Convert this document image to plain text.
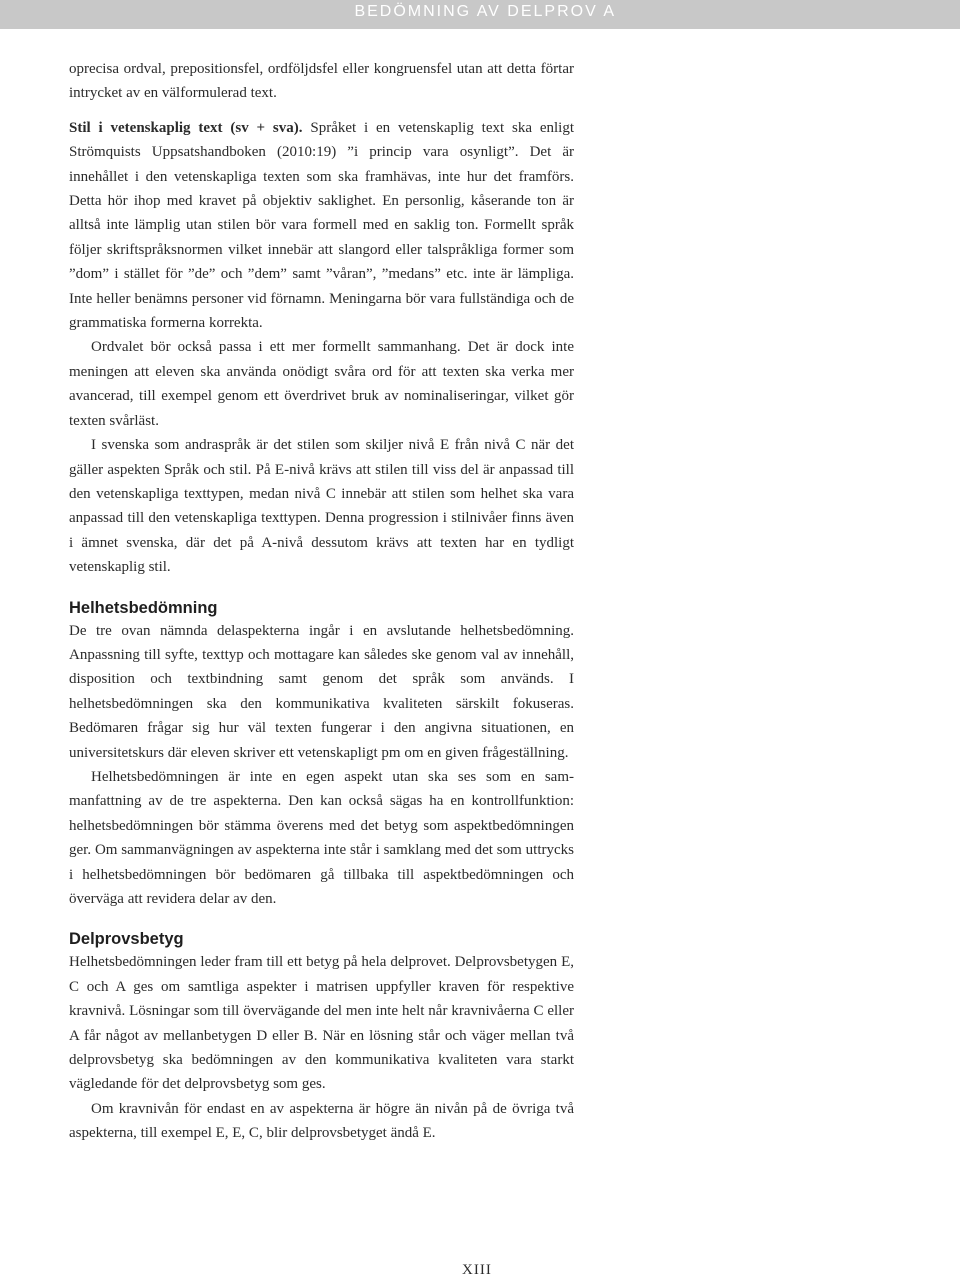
BEDÖMNING AV DELPROV A

oprecisa ordval, prepositionsfel, ordföljdsfel eller kongruensfel utan att detta förtar intrycket av en välformulerad text.

Stil i vetenskaplig text (sv + sva). Språket i en vetenskaplig text ska enligt Strömquists Uppsatshandboken (2010:19) ”i princip vara osynligt”. Det är innehållet i den vetenskapliga texten som ska framhävas, inte hur det framförs. Detta hör ihop med kravet på objektiv saklighet. En personlig, kåserande ton är alltså inte lämplig utan stilen bör vara formell med en saklig ton. Formellt språk följer skriftspråksnormen vilket innebär att slangord eller talspråkliga former som ”dom” i stället för ”de” och ”dem” samt ”våran”, ”medans” etc. inte är lämpliga. Inte heller benämns personer vid förnamn. Meningarna bör vara fullständiga och de grammatiska formerna korrekta.

Ordvalet bör också passa i ett mer formellt sammanhang. Det är dock inte meningen att eleven ska använda onödigt svåra ord för att texten ska verka mer avancerad, till exempel genom ett överdrivet bruk av nominaliseringar, vilket gör texten svårläst.

I svenska som andraspråk är det stilen som skiljer nivå E från nivå C när det gäller aspekten Språk och stil. På E-nivå krävs att stilen till viss del är anpassad till den vetenskapliga texttypen, medan nivå C innebär att stilen som helhet ska vara anpassad till den vetenskapliga texttypen. Denna progression i stilnivåer finns även i ämnet svenska, där det på A-nivå dessutom krävs att texten har en tydligt vetenskaplig stil.

Helhetsbedömning

De tre ovan nämnda delaspekterna ingår i en avslutande helhetsbedömning. Anpassning till syfte, texttyp och mottagare kan således ske genom val av innehåll, disposition och textbindning samt genom det språk som används. I helhetsbedömningen ska den kommunikativa kvaliteten särskilt fokuseras. Bedömaren frågar sig hur väl texten fungerar i den angivna situationen, en universitetskurs där eleven skriver ett vetenskapligt pm om en given frågeställning.

Helhetsbedömningen är inte en egen aspekt utan ska ses som en sammanfattning av de tre aspekterna. Den kan också sägas ha en kontrollfunktion: helhetsbedömningen bör stämma överens med det betyg som aspektbedömningen ger. Om sammanvägningen av aspekterna inte står i samklang med det som uttrycks i helhetsbedömningen bör bedömaren gå tillbaka till aspektbedömningen och överväga att revidera delar av den.

Delprovsbetyg

Helhetsbedömningen leder fram till ett betyg på hela delprovet. Delprovsbetygen E, C och A ges om samtliga aspekter i matrisen uppfyller kraven för respektive kravnivå. Lösningar som till övervägande del men inte helt når kravnivåerna C eller A får något av mellanbetygen D eller B. När en lösning står och väger mellan två delprovsbetyg ska bedömningen av den kommunikativa kvaliteten vara starkt vägledande för det delprovsbetyg som ges.

Om kravnivån för endast en av aspekterna är högre än nivån på de övriga två aspekterna, till exempel E, E, C, blir delprovsbetyget ändå E.

XIII
